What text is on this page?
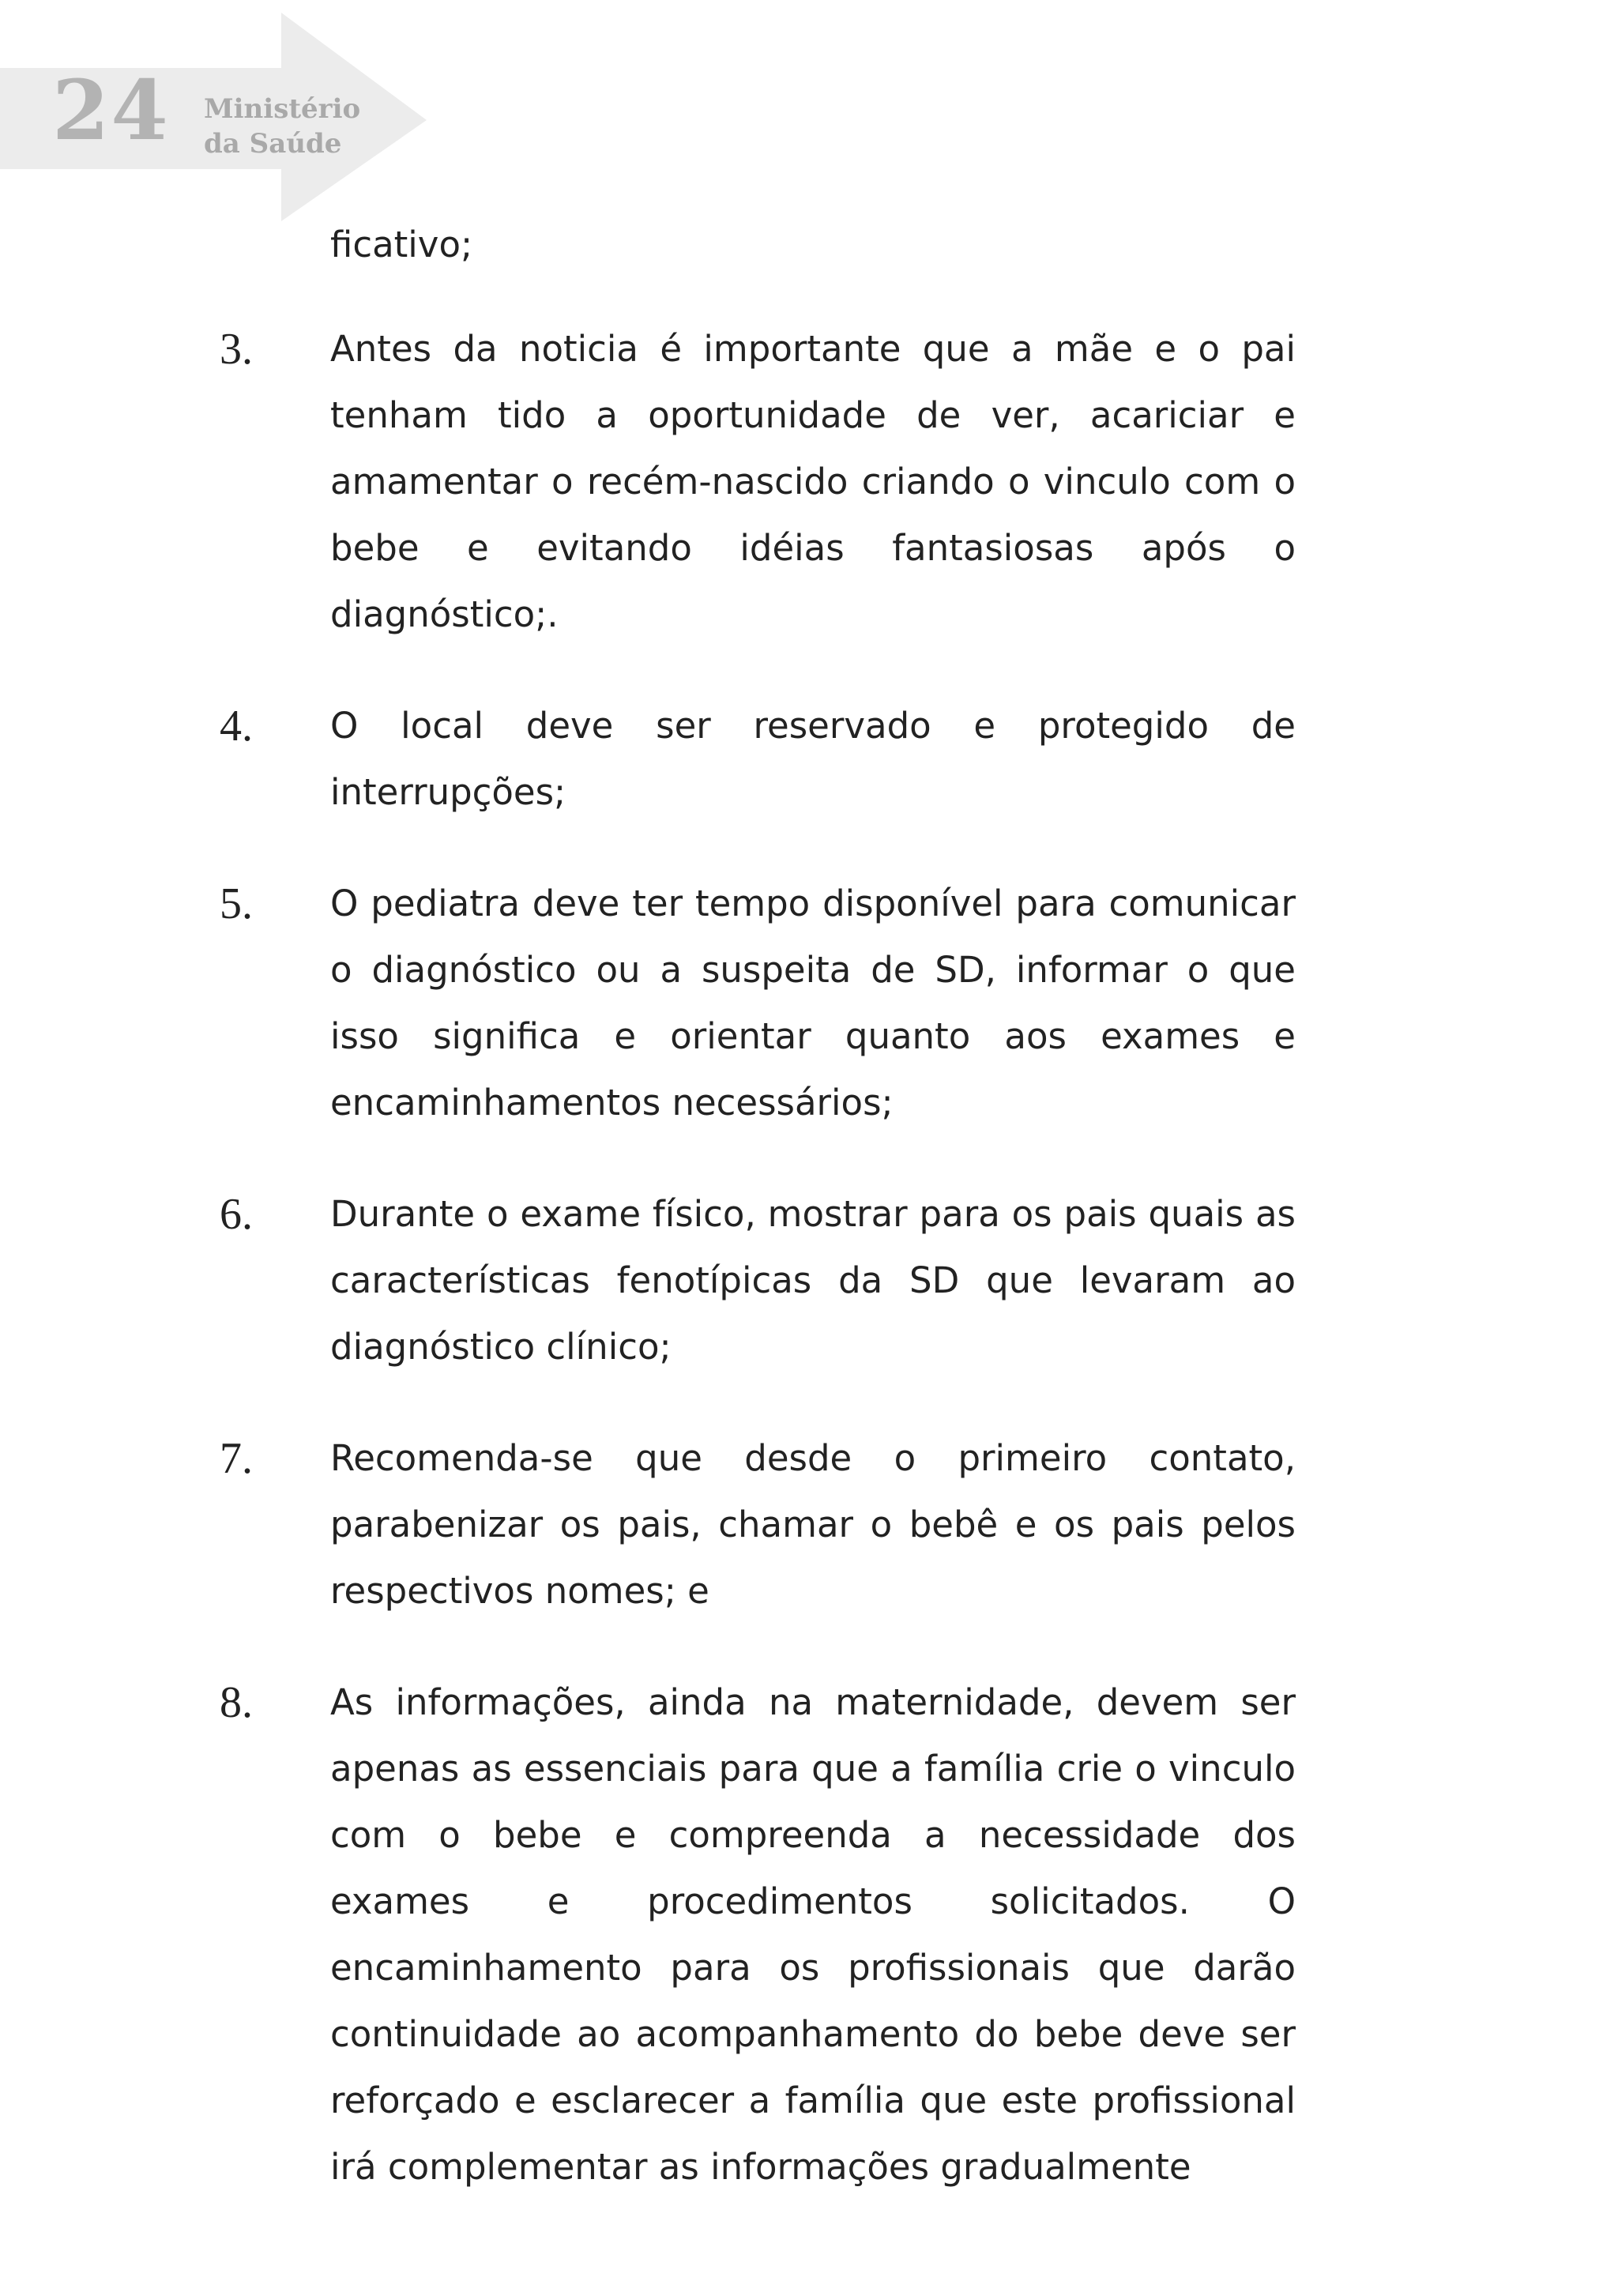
24 Ministério
da Saúde
ficativo;
3. Antes da noticia é importante que a mãe e o pai tenham tido a oportunidade de ver, acariciar e amamentar o recém-nascido criando o vinculo com o bebe e evitando idéias fantasiosas após o diagnóstico;.
4. O local deve ser reservado e protegido de interrupções;
5. O pediatra deve ter tempo disponível para comunicar o diagnóstico ou a suspeita de SD, informar o que isso significa e orientar quanto aos exames e encaminhamentos necessários;
6. Durante o exame físico, mostrar para os pais quais as características fenotípicas da SD que levaram ao diagnóstico clínico;
7. Recomenda-se que desde o primeiro contato, parabenizar os pais, chamar o bebê e os pais pelos respectivos nomes; e
8. As informações, ainda na maternidade, devem ser apenas as essenciais para que a família crie o vinculo com o bebe e compreenda a necessidade dos exames e procedimentos solicitados. O encaminhamento para os profissionais que darão continuidade ao acompanhamento do bebe deve ser reforçado e esclarecer a família que este profissional irá complementar as informações gradualmente
